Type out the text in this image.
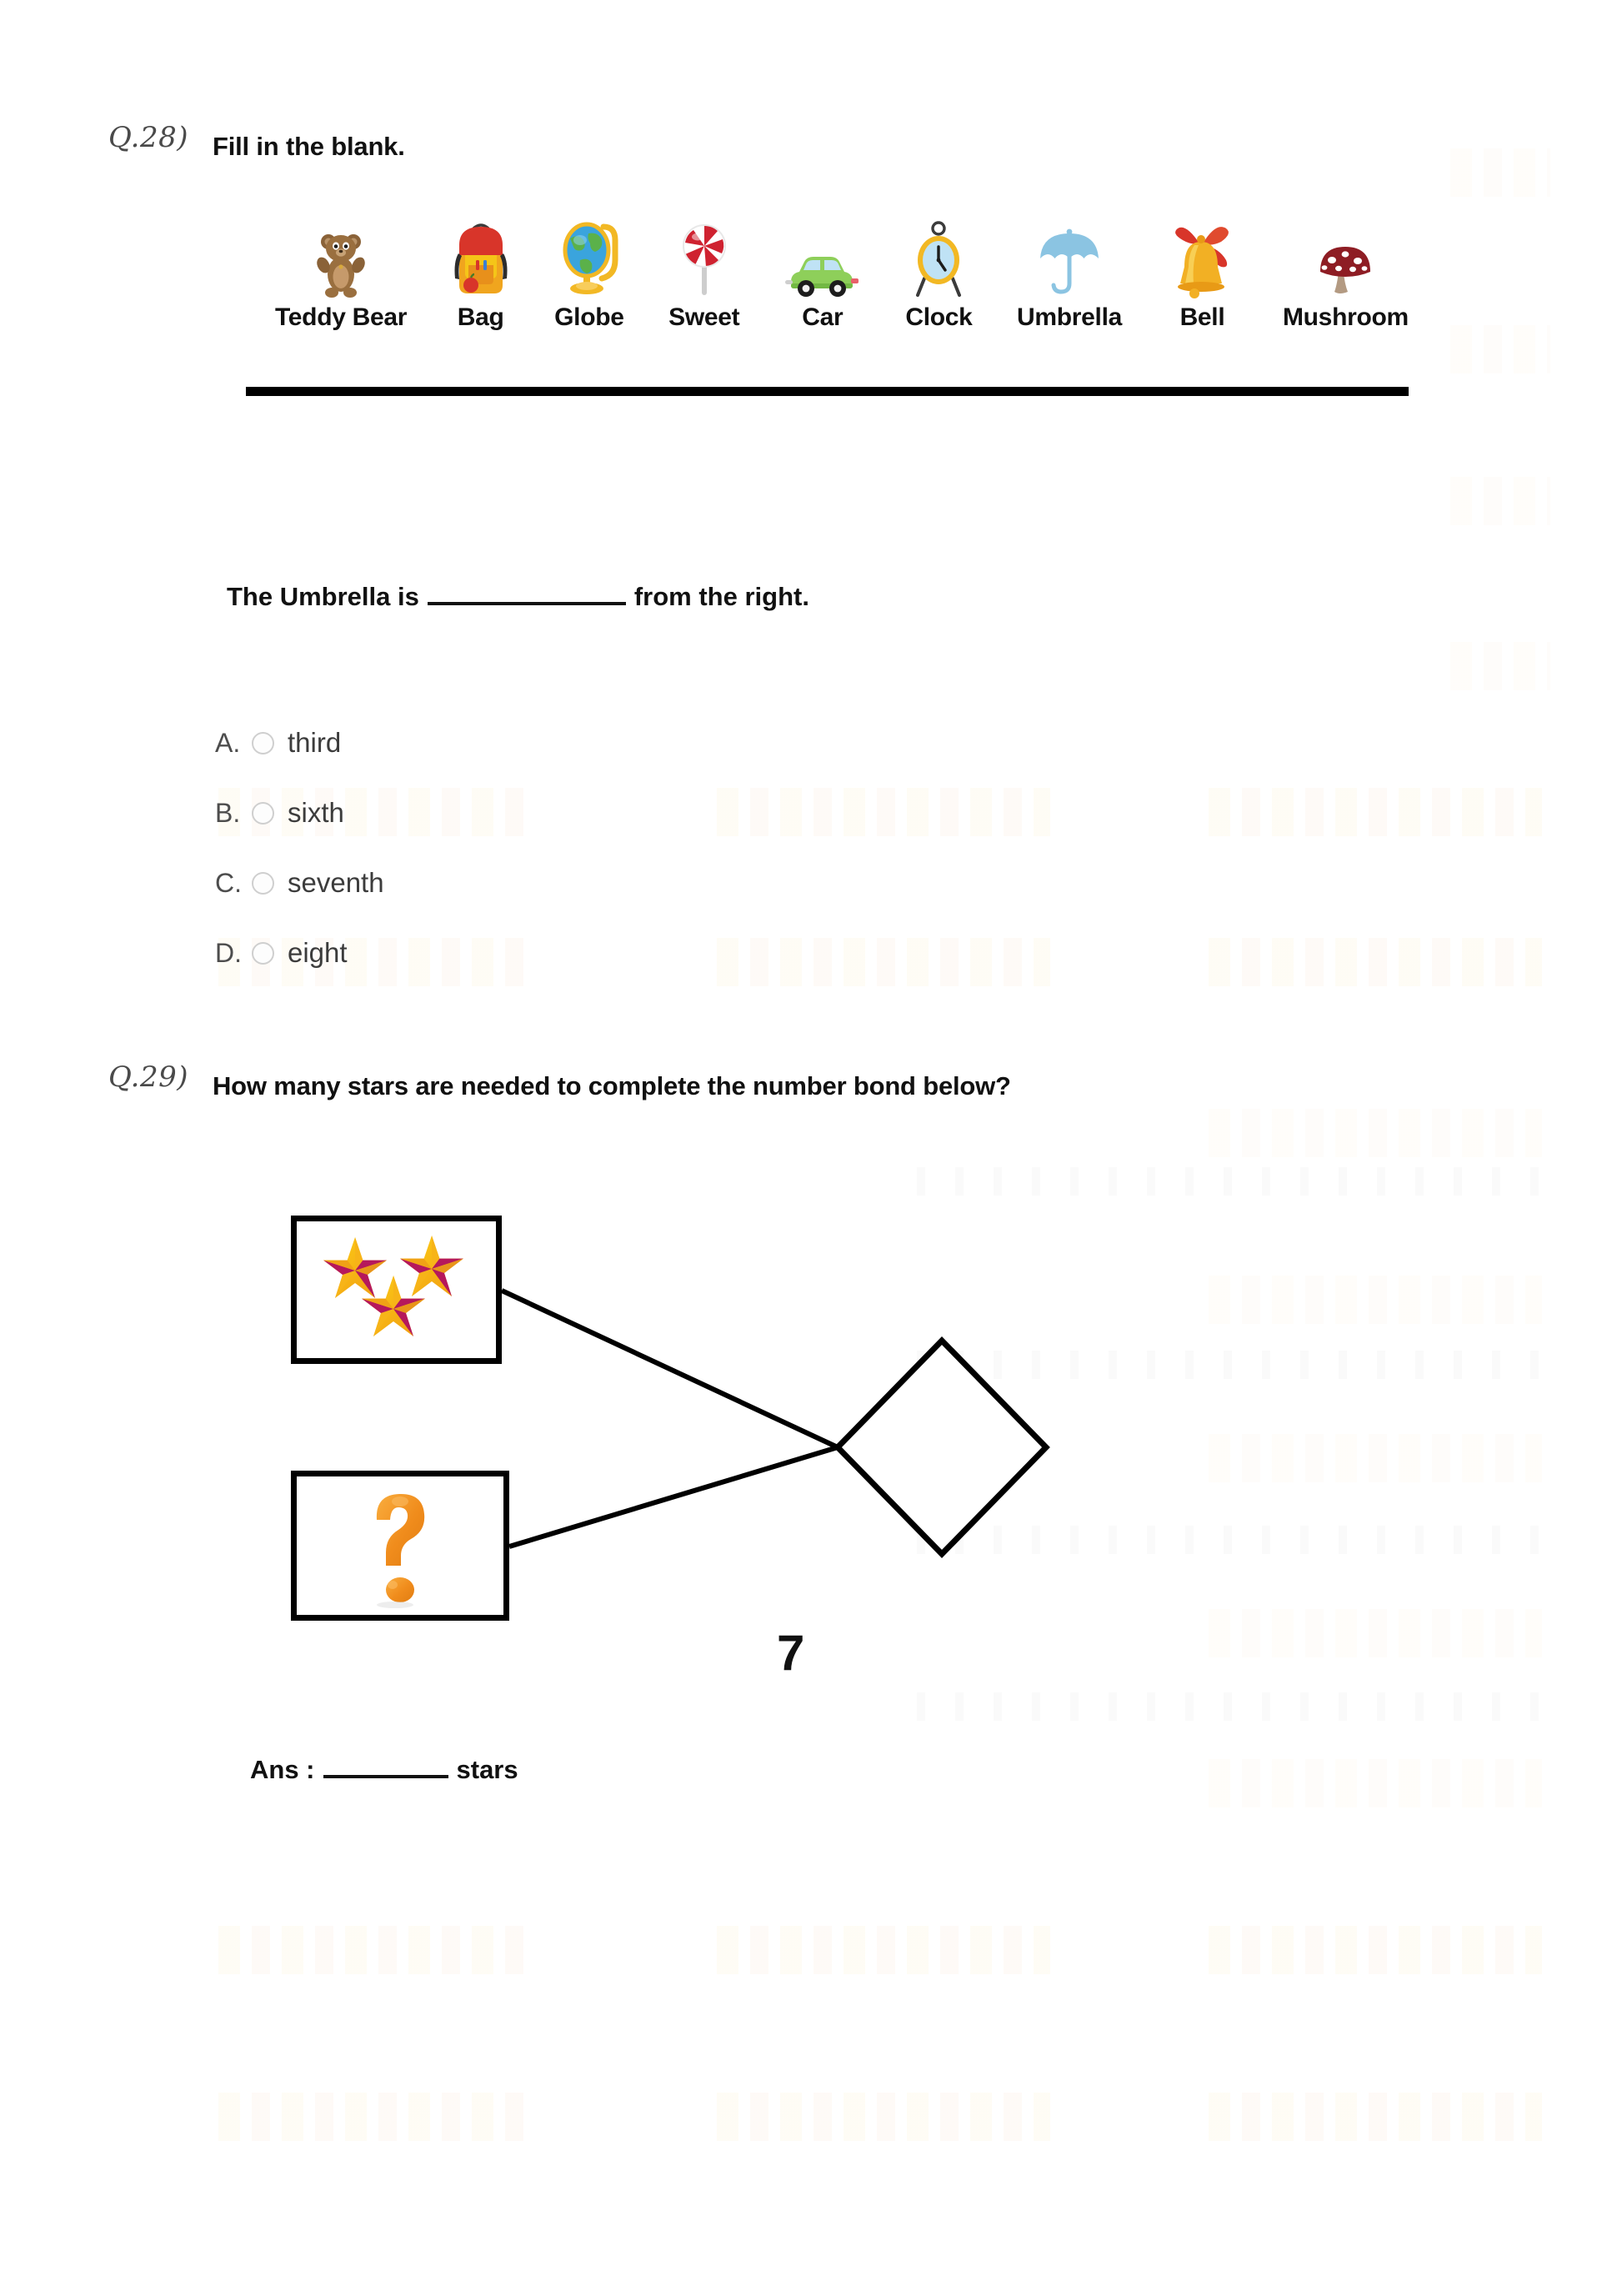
Q.28) Fill in the blank.
Teddy Bear Bag Globe Sweet Car Clock Umbrella Bell Mushroom
The Umbrella is	from the right.
A.	third
B.	sixth
C.	seventh
D.	eight
Q.29) How many stars are needed to complete the number bond below?
7
Ans :	stars
